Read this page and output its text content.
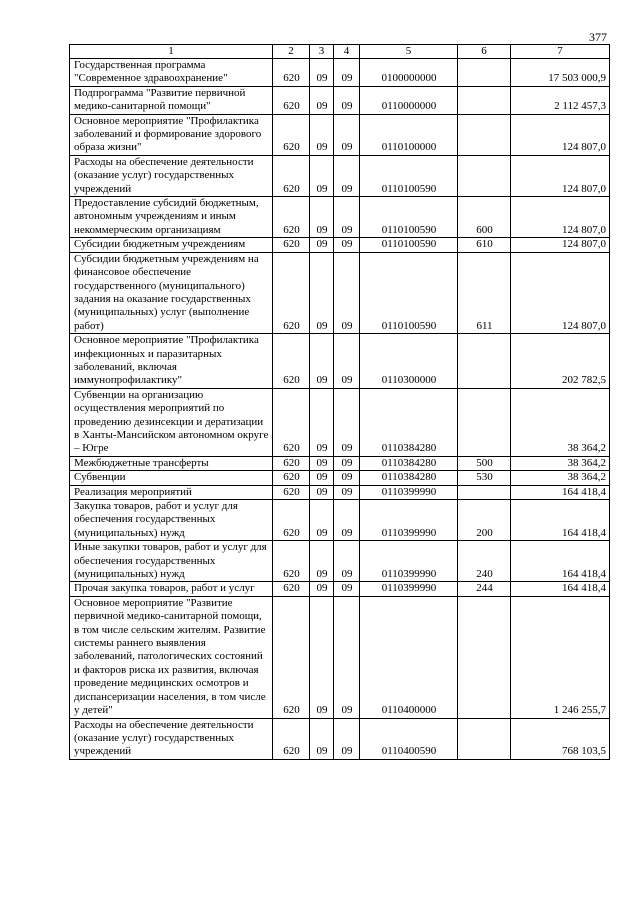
377
1	2	3	4	5	6	7
Государственная программа "Современное здравоохранение"	620	09	09	0100000000		17 503 000,9
Подпрограмма "Развитие первичной медико-санитарной помощи"	620	09	09	0110000000		2 112 457,3
Основное мероприятие "Профилактика заболеваний и формирование здорового образа жизни"	620	09	09	0110100000		124 807,0
Расходы на обеспечение деятельности (оказание услуг) государственных учреждений	620	09	09	0110100590		124 807,0
Предоставление субсидий бюджетным, автономным учреждениям и иным некоммерческим организациям	620	09	09	0110100590	600	124 807,0
Субсидии бюджетным учреждениям	620	09	09	0110100590	610	124 807,0
Субсидии бюджетным учреждениям на финансовое обеспечение государственного (муниципального) задания на оказание государственных (муниципальных) услуг (выполнение работ)	620	09	09	0110100590	611	124 807,0
Основное мероприятие "Профилактика инфекционных и паразитарных заболеваний, включая иммунопрофилактику"	620	09	09	0110300000		202 782,5
Субвенции на организацию осуществления мероприятий по проведению дезинсекции и дератизации в Ханты-Мансийском автономном округе – Югре	620	09	09	0110384280		38 364,2
Межбюджетные трансферты	620	09	09	0110384280	500	38 364,2
Субвенции	620	09	09	0110384280	530	38 364,2
Реализация мероприятий	620	09	09	0110399990		164 418,4
Закупка товаров, работ и услуг для обеспечения государственных (муниципальных) нужд	620	09	09	0110399990	200	164 418,4
Иные закупки товаров, работ и услуг для обеспечения государственных (муниципальных) нужд	620	09	09	0110399990	240	164 418,4
Прочая закупка товаров, работ и услуг	620	09	09	0110399990	244	164 418,4
Основное мероприятие "Развитие первичной медико-санитарной помощи, в том числе сельским жителям. Развитие системы раннего выявления заболеваний, патологических состояний и факторов риска их развития, включая проведение медицинских осмотров и диспансеризации населения, в том числе у детей"	620	09	09	0110400000		1 246 255,7
Расходы на обеспечение деятельности (оказание услуг) государственных учреждений	620	09	09	0110400590		768 103,5
